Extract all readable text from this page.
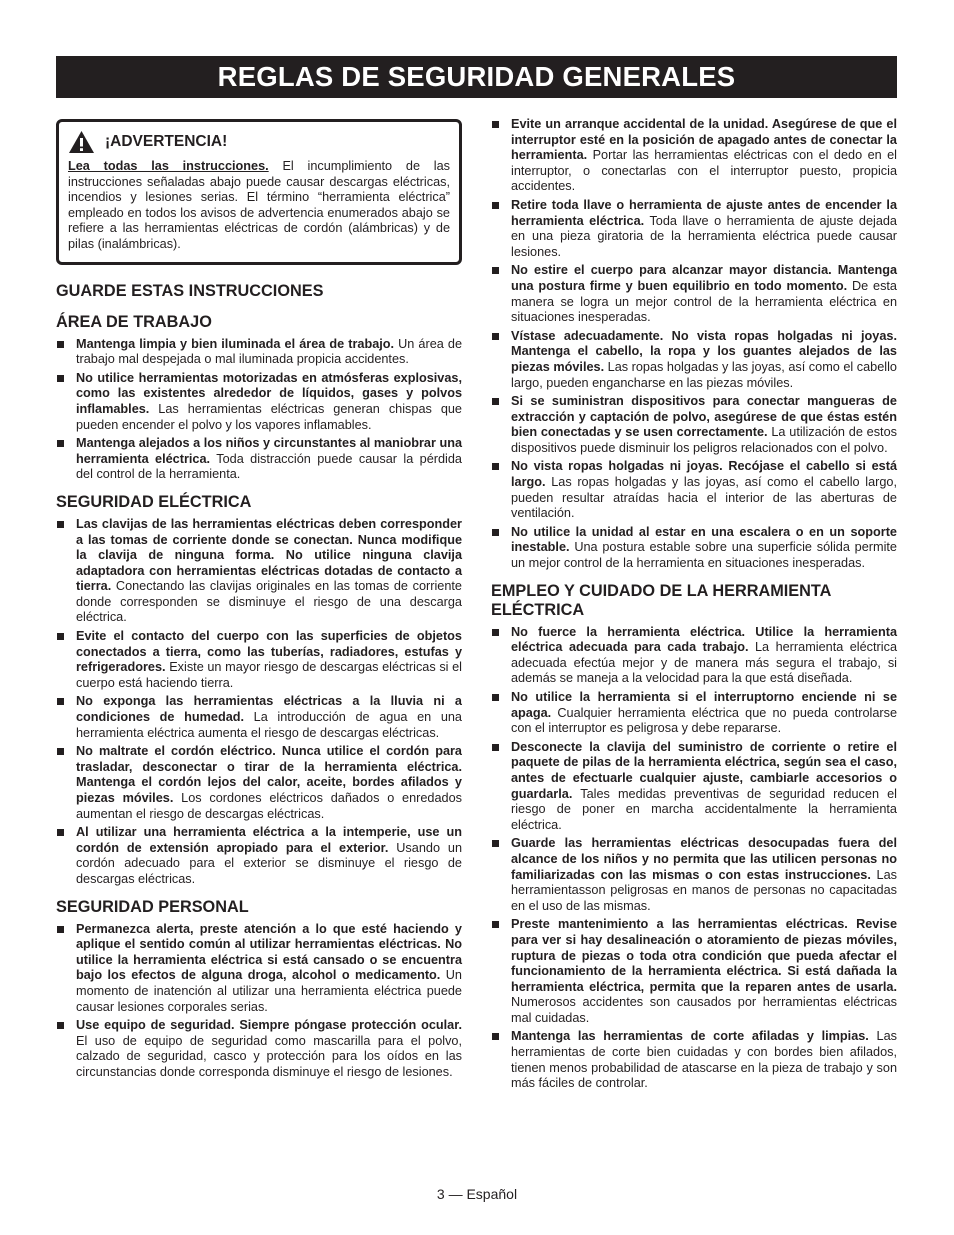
REGLAS DE SEGURIDAD GENERALES
¡ADVERTENCIA!

Lea todas las instrucciones. El incumplimiento de las instrucciones señaladas abajo puede causar descargas eléctricas, incendios y lesiones serias. El término “herramienta eléctrica” empleado en todos los avisos de advertencia enumerados abajo se refiere a las herramientas eléctricas de cordón (alámbricas) y de pilas (inalámbricas).

GUARDE ESTAS INSTRUCCIONES
ÁREA DE TRABAJO
Mantenga limpia y bien iluminada el área de trabajo. Un área de trabajo mal despejada o mal iluminada propicia accidentes.
No utilice herramientas motorizadas en atmósferas explosivas, como las existentes alrededor de líquidos, gases y polvos inflamables. Las herramientas eléctricas generan chispas que pueden encender el polvo y los vapores inflamables.
Mantenga alejados a los niños y circunstantes al maniobrar una herramienta eléctrica. Toda distracción puede causar la pérdida del control de la herramienta.
SEGURIDAD ELÉCTRICA
Las clavijas de las herramientas eléctricas deben corresponder a las tomas de corriente donde se conectan. Nunca modifique la clavija de ninguna forma. No utilice ninguna clavija adaptadora con herramientas eléctricas dotadas de contacto a tierra. Conectando las clavijas originales en las tomas de corriente donde corresponden se disminuye el riesgo de una descarga eléctrica.
Evite el contacto del cuerpo con las superficies de objetos conectados a tierra, como las tuberías, radiadores, estufas y refrigeradores. Existe un mayor riesgo de descargas eléctricas si el cuerpo está haciendo tierra.
No exponga las herramientas eléctricas a la lluvia ni a condiciones de humedad. La introducción de agua en una herramienta eléctrica aumenta el riesgo de descargas eléctricas.
No maltrate el cordón eléctrico. Nunca utilice el cordón para trasladar, desconectar o tirar de la herramienta eléctrica. Mantenga el cordón lejos del calor, aceite, bordes afilados y piezas móviles. Los cordones eléctricos dañados o enredados aumentan el riesgo de descargas eléctricas.
Al utilizar una herramienta eléctrica a la intemperie, use un cordón de extensión apropiado para el exterior. Usando un cordón adecuado para el exterior se disminuye el riesgo de descargas eléctricas.
SEGURIDAD PERSONAL
Permanezca alerta, preste atención a lo que esté haciendo y aplique el sentido común al utilizar herramientas eléctricas. No utilice la herramienta eléctrica si está cansado o se encuentra bajo los efectos de alguna droga, alcohol o medicamento. Un momento de inatención al utilizar una herramienta eléctrica puede causar lesiones corporales serias.
Use equipo de seguridad. Siempre póngase protección ocular. El uso de equipo de seguridad como mascarilla para el polvo, calzado de seguridad, casco y protección para los oídos en las circunstancias donde corresponda disminuye el riesgo de lesiones.
Evite un arranque accidental de la unidad. Asegúrese de que el interruptor esté en la posición de apagado antes de conectar la herramienta. Portar las herramientas eléctricas con el dedo en el interruptor, o conectarlas con el interruptor puesto, propicia accidentes.
Retire toda llave o herramienta de ajuste antes de encender la herramienta eléctrica. Toda llave o herramienta de ajuste dejada en una pieza giratoria de la herramienta eléctrica puede causar lesiones.
No estire el cuerpo para alcanzar mayor distancia. Mantenga una postura firme y buen equilibrio en todo momento. De esta manera se logra un mejor control de la herramienta eléctrica en situaciones inesperadas.
Vístase adecuadamente. No vista ropas holgadas ni joyas. Mantenga el cabello, la ropa y los guantes alejados de las piezas móviles. Las ropas holgadas y las joyas, así como el cabello largo, pueden engancharse en las piezas móviles.
Si se suministran dispositivos para conectar mangueras de extracción y captación de polvo, asegúrese de que éstas estén bien conectadas y se usen correctamente. La utilización de estos dispositivos puede disminuir los peligros relacionados con el polvo.
No vista ropas holgadas ni joyas. Recójase el cabello si está largo. Las ropas holgadas y las joyas, así como el cabello largo, pueden resultar atraídas hacia el interior de las aberturas de ventilación.
No utilice la unidad al estar en una escalera o en un soporte inestable. Una postura estable sobre una superficie sólida permite un mejor control de la herramienta en situaciones inesperadas.
EMPLEO Y CUIDADO DE LA HERRAMIENTA ELÉCTRICA
No fuerce la herramienta eléctrica. Utilice la herramienta eléctrica adecuada para cada trabajo. La herramienta eléctrica adecuada efectúa mejor y de manera más segura el trabajo, si además se maneja a la velocidad para la que está diseñada.
No utilice la herramienta si el interruptorno enciende ni se apaga. Cualquier herramienta eléctrica que no pueda controlarse con el interruptor es peligrosa y debe repararse.
Desconecte la clavija del suministro de corriente o retire el paquete de pilas de la herramienta eléctrica, según sea el caso, antes de efectuarle cualquier ajuste, cambiarle accesorios o guardarla. Tales medidas preventivas de seguridad reducen el riesgo de poner en marcha accidentalmente la herramienta eléctrica.
Guarde las herramientas eléctricas desocupadas fuera del alcance de los niños y no permita que las utilicen personas no familiarizadas con las mismas o con estas instrucciones. Las herramientasson peligrosas en manos de personas no capacitadas en el uso de las mismas.
Preste mantenimiento a las herramientas eléctricas. Revise para ver si hay desalineación o atoramiento de piezas móviles, ruptura de piezas o toda otra condición que pueda afectar el funcionamiento de la herramienta eléctrica. Si está dañada la herramienta eléctrica, permita que la reparen antes de usarla. Numerosos accidentes son causados por herramientas eléctricas mal cuidadas.
Mantenga las herramientas de corte afiladas y limpias. Las herramientas de corte bien cuidadas y con bordes bien afilados, tienen menos probabilidad de atascarse en la pieza de trabajo y son más fáciles de controlar.
3 — Español
